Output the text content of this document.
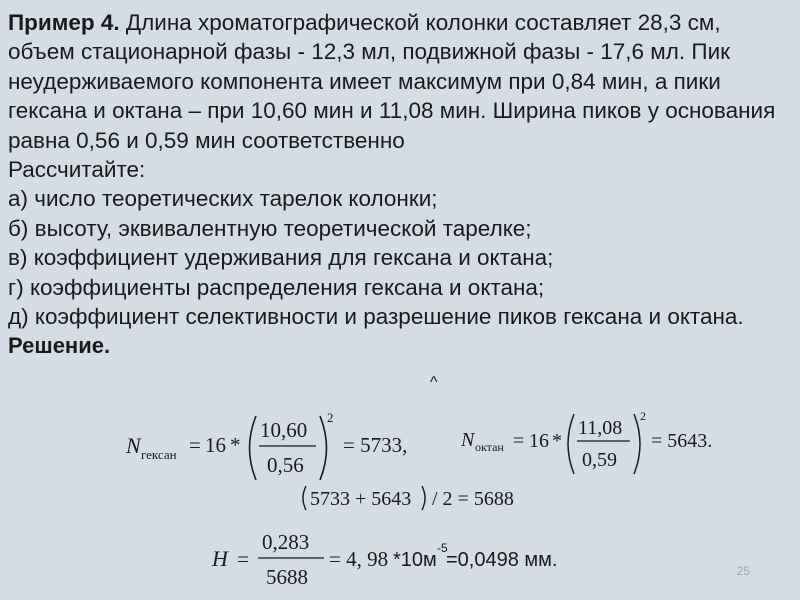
Пример 4. Длина хроматографической колонки составляет 28,3 см, объем стационарной фазы - 12,3 мл, подвижной фазы - 17,6 мл. Пик неудерживаемого компонента имеет максимум при 0,84 мин, а пики гексана и октана – при 10,60 мин и 11,08 мин. Ширина пиков у основания равна 0,56 и 0,59 мин соответственно

Рассчитайте:

а) число теоретических тарелок колонки;

б) высоту, эквивалентную теоретической тарелке;

в) коэффициент удерживания для гексана и октана;

г) коэффициенты распределения гексана и октана;

д) коэффициент селективности и разрешение пиков гексана и октана.

Решение.

^
N гексан = 16 *
10,60
0,56
2
= 5733,	N октан = 16 *
11,08
0,59
2
= 5643.
5733 + 5643 / 2 = 5688
H =
0,283
5688
= 4, 98 *10м
-5
=0,0498 мм.	25
